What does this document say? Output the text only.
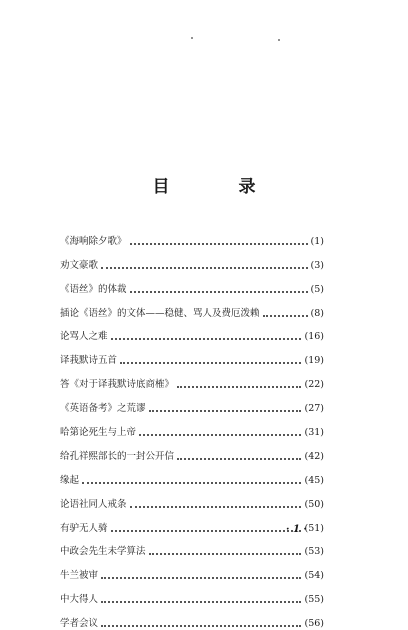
目　录
《海响除夕歌》	(1)
劝文豪歌	(3)
《语丝》的体裁	(5)
插论《语丝》的文体——稳健、骂人及费厄泼赖	(8)
论骂人之难	(16)
译莪默诗五首	(19)
答《对于译莪默诗底商榷》	(22)
《英语备考》之荒谬	(27)
哈第论死生与上帝	(31)
给孔祥熙部长的一封公开信	(42)
缘起	(45)
论语社同人戒条	(50)
有驴无人骑	(51)
中政会先生未学算法	(53)
牛兰被审	(54)
中大得人	(55)
学者会议	(56)
· 1 ·
